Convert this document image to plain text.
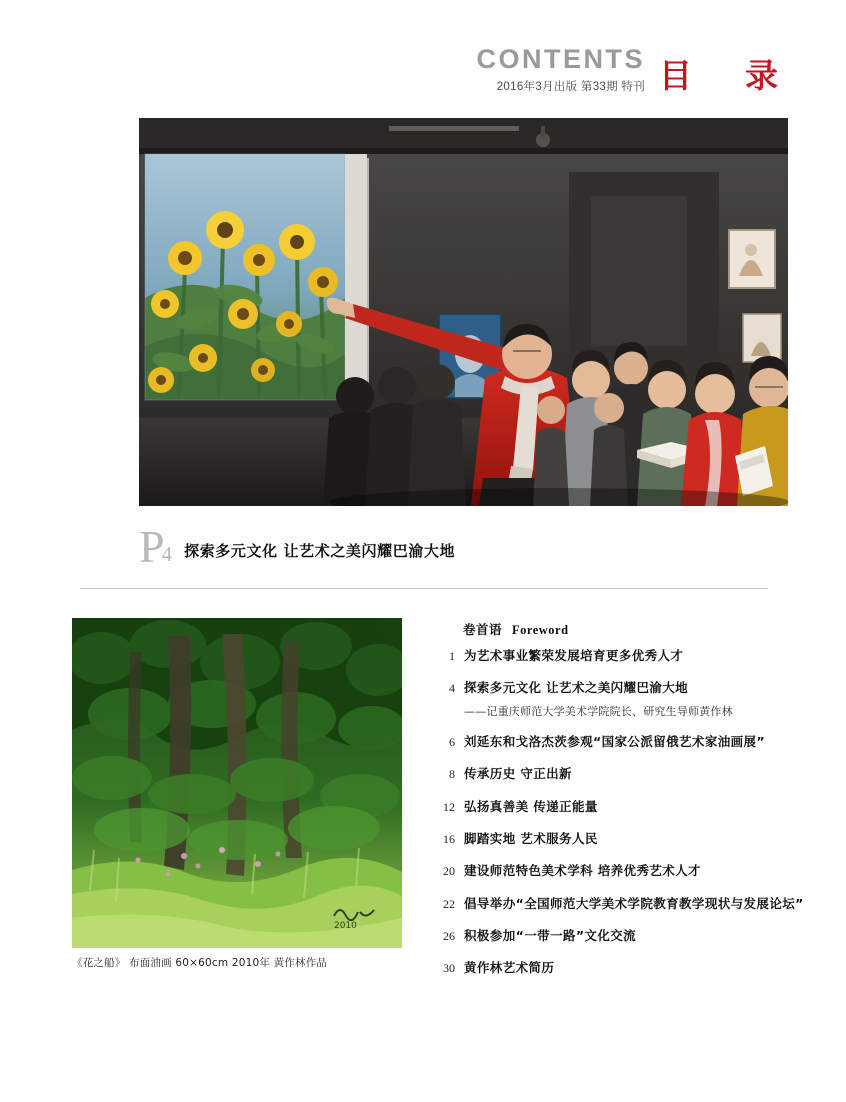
CONTENTS
2016年3月出版 第33期 特刊 目　录
P
4 探索多元文化 让艺术之美闪耀巴渝大地
2010
《花之船》 布面油画 60×60cm 2010年 黄作林作品
卷首语 Foreword
1 为艺术事业繁荣发展培育更多优秀人才
4 探索多元文化 让艺术之美闪耀巴渝大地
——记重庆师范大学美术学院院长、研究生导师黄作林
6 刘延东和戈洛杰茨参观“国家公派留俄艺术家油画展”
8 传承历史 守正出新
12 弘扬真善美 传递正能量
16 脚踏实地 艺术服务人民
20 建设师范特色美术学科 培养优秀艺术人才
22 倡导举办“全国师范大学美术学院教育教学现状与发展论坛”
26 积极参加“一带一路”文化交流
30 黄作林艺术简历
